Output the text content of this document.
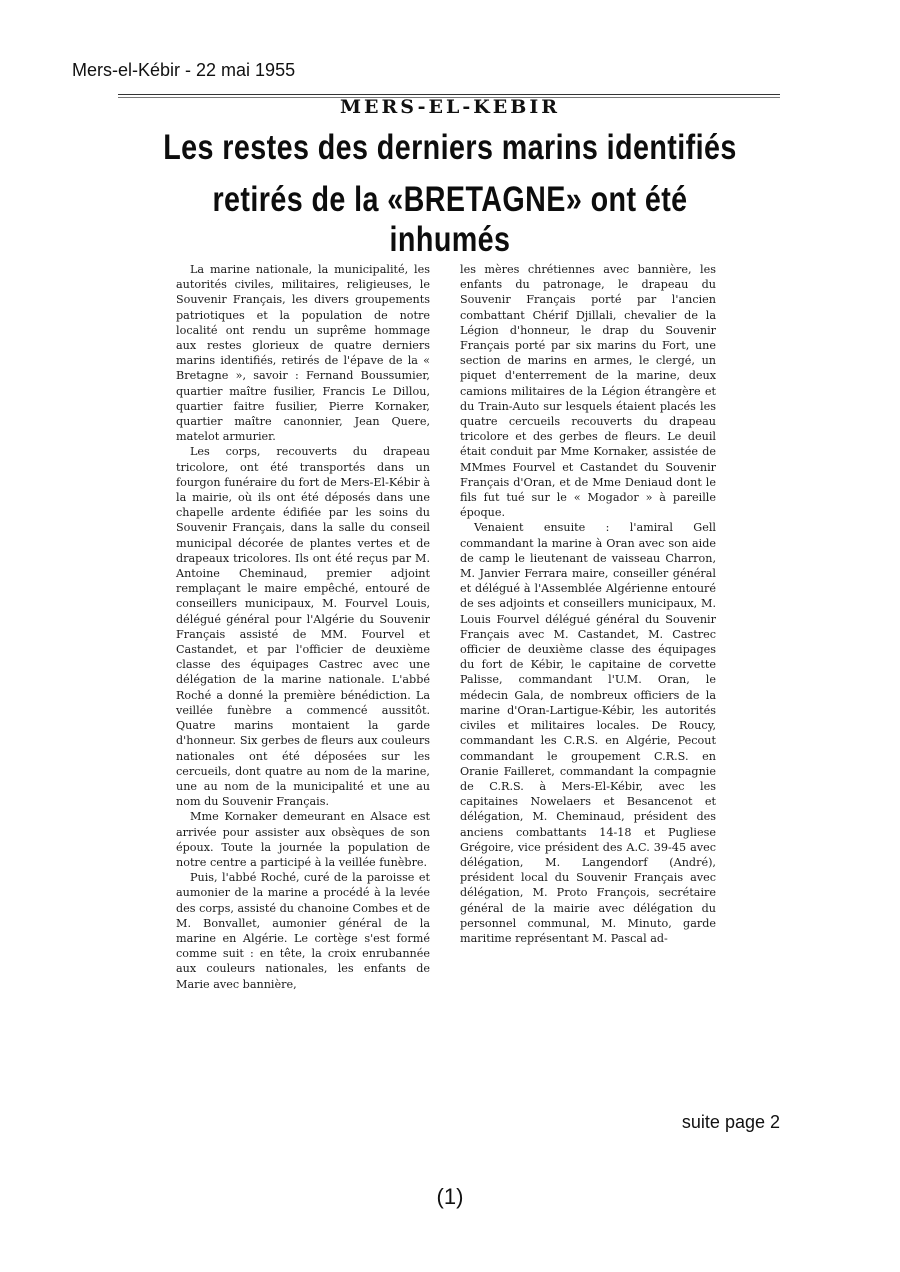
Mers-el-Kébir - 22 mai 1955
MERS-EL-KEBIR
Les restes des derniers marins identifiés
retirés de la «BRETAGNE» ont été inhumés

La marine nationale, la municipalité, les autorités civiles, militaires, religieuses, le Souvenir Français, les divers groupements patriotiques et la population de notre localité ont rendu un suprême hommage aux restes glorieux de quatre derniers marins identifiés, retirés de l'épave de la « Bretagne », savoir : Fernand Boussumier, quartier maître fusilier, Francis Le Dillou, quartier faitre fusilier, Pierre Kornaker, quartier maître canonnier, Jean Quere, matelot armurier.

Les corps, recouverts du drapeau tricolore, ont été transportés dans un fourgon funéraire du fort de Mers-El-Kébir à la mairie, où ils ont été déposés dans une chapelle ardente édifiée par les soins du Souvenir Français, dans la salle du conseil municipal décorée de plantes vertes et de drapeaux tricolores. Ils ont été reçus par M. Antoine Cheminaud, premier adjoint remplaçant le maire empêché, entouré de conseillers municipaux, M. Fourvel Louis, délégué général pour l'Algérie du Souvenir Français assisté de MM. Fourvel et Castandet, et par l'officier de deuxième classe des équipages Castrec avec une délégation de la marine nationale. L'abbé Roché a donné la première bénédiction. La veillée funèbre a commencé aussitôt. Quatre marins montaient la garde d'honneur. Six gerbes de fleurs aux couleurs nationales ont été déposées sur les cercueils, dont quatre au nom de la marine, une au nom de la municipalité et une au nom du Souvenir Français.

Mme Kornaker demeurant en Alsace est arrivée pour assister aux obsèques de son époux. Toute la journée la population de notre centre a participé à la veillée funèbre.

Puis, l'abbé Roché, curé de la paroisse et aumonier de la marine a procédé à la levée des corps, assisté du chanoine Combes et de M. Bonvallet, aumonier général de la marine en Algérie. Le cortège s'est formé comme suit : en tête, la croix enrubannée aux couleurs nationales, les enfants de Marie avec bannière,

les mères chrétiennes avec bannière, les enfants du patronage, le drapeau du Souvenir Français porté par l'ancien combattant Chérif Djillali, chevalier de la Légion d'honneur, le drap du Souvenir Français porté par six marins du Fort, une section de marins en armes, le clergé, un piquet d'enterrement de la marine, deux camions militaires de la Légion étrangère et du Train-Auto sur lesquels étaient placés les quatre cercueils recouverts du drapeau tricolore et des gerbes de fleurs. Le deuil était conduit par Mme Kornaker, assistée de MMmes Fourvel et Castandet du Souvenir Français d'Oran, et de Mme Deniaud dont le fils fut tué sur le « Mogador » à pareille époque.

Venaient ensuite : l'amiral Gell commandant la marine à Oran avec son aide de camp le lieutenant de vaisseau Charron, M. Janvier Ferrara maire, conseiller général et délégué à l'Assemblée Algérienne entouré de ses adjoints et conseillers municipaux, M. Louis Fourvel délégué général du Souvenir Français avec M. Castandet, M. Castrec officier de deuxième classe des équipages du fort de Kébir, le capitaine de corvette Palisse, commandant l'U.M. Oran, le médecin Gala, de nombreux officiers de la marine d'Oran-Lartigue-Kébir, les autorités civiles et militaires locales. De Roucy, commandant les C.R.S. en Algérie, Pecout commandant le groupement C.R.S. en Oranie Failleret, commandant la compagnie de C.R.S. à Mers-El-Kébir, avec les capitaines Nowelaers et Besancenot et délégation, M. Cheminaud, président des anciens combattants 14-18 et Pugliese Grégoire, vice président des A.C. 39-45 avec délégation, M. Langendorf (André), président local du Souvenir Français avec délégation, M. Proto François, secrétaire général de la mairie avec délégation du personnel communal, M. Minuto, garde maritime représentant M. Pascal ad-

suite page 2
(1)
